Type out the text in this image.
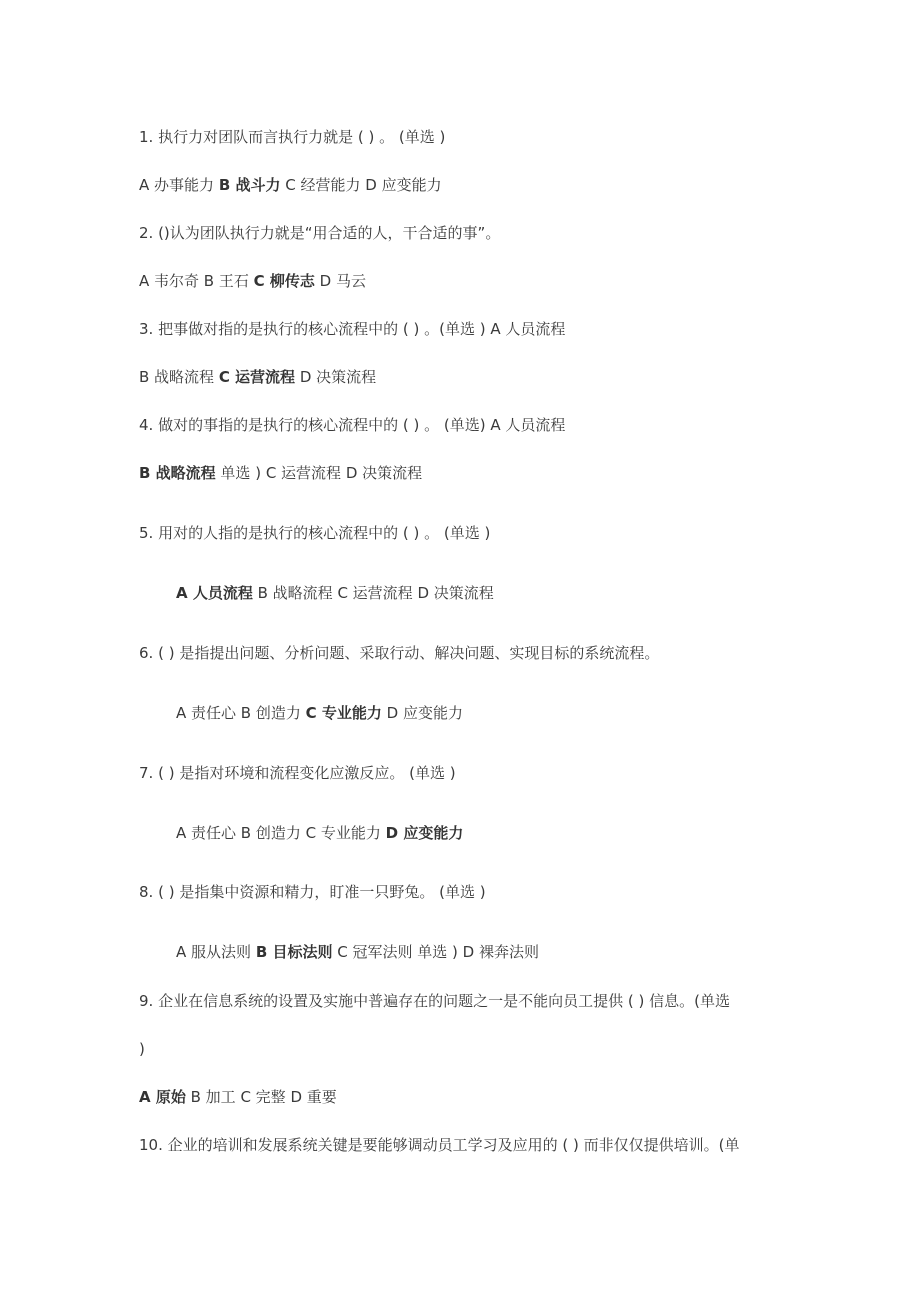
1. 执行力对团队而言执行力就是 ( ) 。 (单选 )
A 办事能力 B 战斗力 C 经营能力 D 应变能力
2. ()认为团队执行力就是“用合适的人，干合适的事”。
A 韦尔奇 B 王石 C 柳传志 D 马云
3. 把事做对指的是执行的核心流程中的 ( ) 。(单选 ) A 人员流程
B 战略流程 C 运营流程 D 决策流程
4. 做对的事指的是执行的核心流程中的 ( ) 。 (单选) A 人员流程
B 战略流程 单选 ) C 运营流程 D 决策流程
5. 用对的人指的是执行的核心流程中的 ( ) 。 (单选 )
A 人员流程 B 战略流程 C 运营流程 D 决策流程
6. ( ) 是指提出问题、分析问题、采取行动、解决问题、实现目标的系统流程。
A 责任心 B 创造力 C 专业能力 D 应变能力
7. ( ) 是指对环境和流程变化应激反应。 (单选 )
A 责任心 B 创造力 C 专业能力 D 应变能力
8. ( ) 是指集中资源和精力，盯准一只野兔。 (单选 )
A 服从法则 B 目标法则 C 冠军法则 单选 ) D 裸奔法则
9. 企业在信息系统的设置及实施中普遍存在的问题之一是不能向员工提供 ( ) 信息。(单选
)
A 原始 B 加工 C 完整 D 重要
10. 企业的培训和发展系统关键是要能够调动员工学习及应用的 ( ) 而非仅仅提供培训。(单
